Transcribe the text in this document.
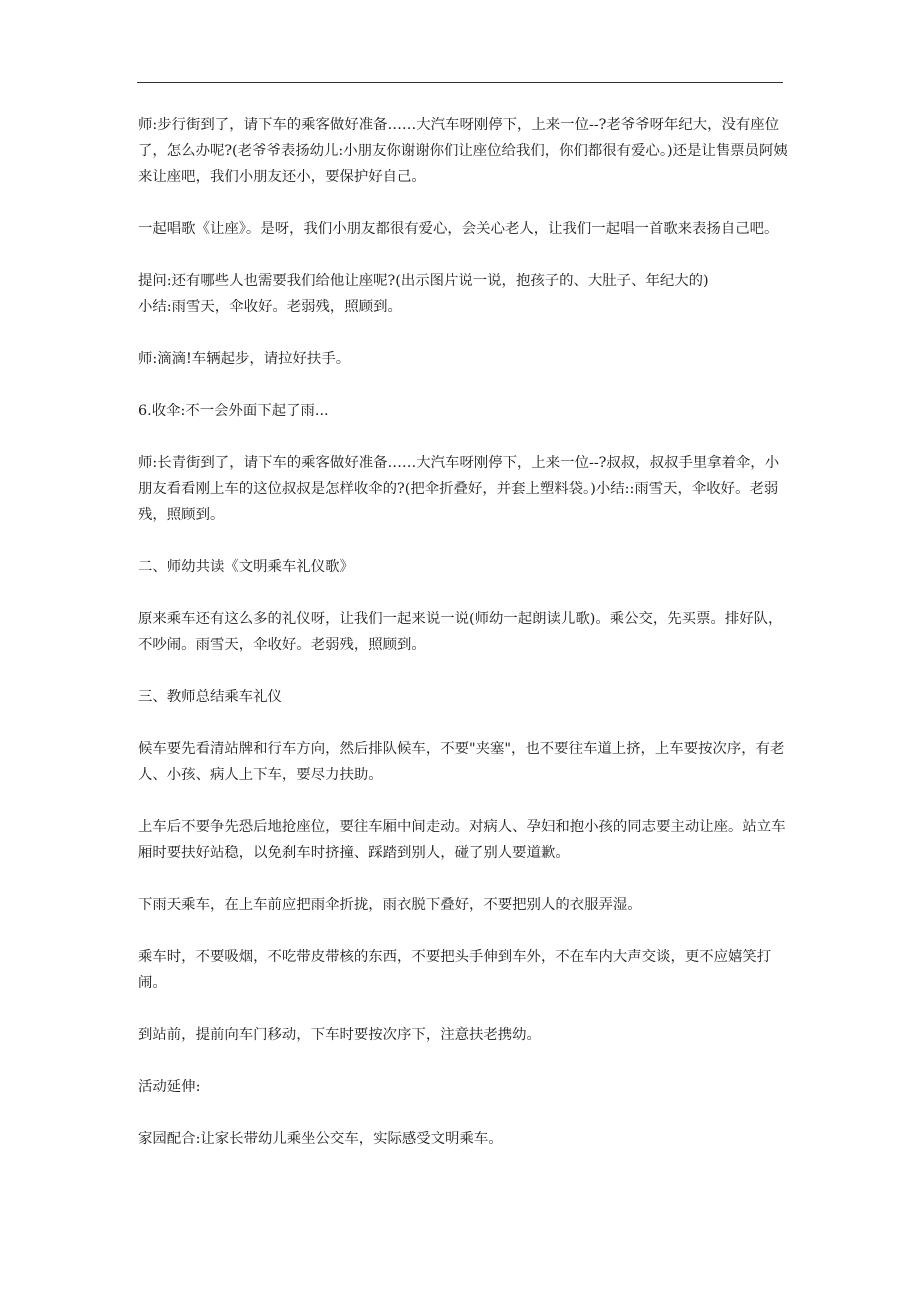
师:步行街到了，请下车的乘客做好准备……大汽车呀刚停下，上来一位--?老爷爷呀年纪大，没有座位了，怎么办呢?(老爷爷表扬幼儿:小朋友你谢谢你们让座位给我们，你们都很有爱心。)还是让售票员阿姨来让座吧，我们小朋友还小，要保护好自己。

一起唱歌《让座》。是呀，我们小朋友都很有爱心，会关心老人，让我们一起唱一首歌来表扬自己吧。

提问:还有哪些人也需要我们给他让座呢?(出示图片说一说，抱孩子的、大肚子、年纪大的)

小结:雨雪天，伞收好。老弱残，照顾到。

师:滴滴!车辆起步，请拉好扶手。

6.收伞:不一会外面下起了雨...

师:长青街到了，请下车的乘客做好准备……大汽车呀刚停下，上来一位--?叔叔，叔叔手里拿着伞，小朋友看看刚上车的这位叔叔是怎样收伞的?(把伞折叠好，并套上塑料袋。)小结::雨雪天，伞收好。老弱残，照顾到。

二、师幼共读《文明乘车礼仪歌》

原来乘车还有这么多的礼仪呀，让我们一起来说一说(师幼一起朗读儿歌)。乘公交，先买票。排好队，不吵闹。雨雪天，伞收好。老弱残，照顾到。

三、教师总结乘车礼仪

候车要先看清站牌和行车方向，然后排队候车，不要"夹塞"，也不要往车道上挤，上车要按次序，有老人、小孩、病人上下车，要尽力扶助。

上车后不要争先恐后地抢座位，要往车厢中间走动。对病人、孕妇和抱小孩的同志要主动让座。站立车厢时要扶好站稳，以免刹车时挤撞、踩踏到别人，碰了别人要道歉。

下雨天乘车，在上车前应把雨伞折拢，雨衣脱下叠好，不要把别人的衣服弄湿。

乘车时，不要吸烟，不吃带皮带核的东西，不要把头手伸到车外，不在车内大声交谈，更不应嬉笑打闹。

到站前，提前向车门移动，下车时要按次序下，注意扶老携幼。

活动延伸:

家园配合:让家长带幼儿乘坐公交车，实际感受文明乘车。
